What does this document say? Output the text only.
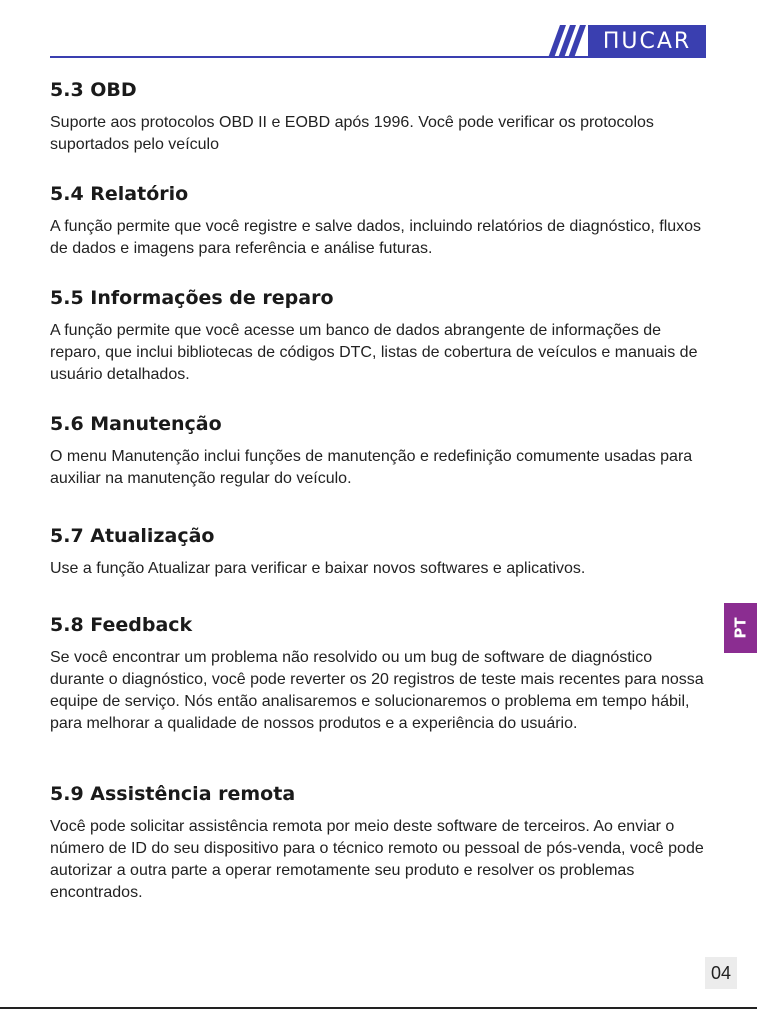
ΠUCAR
5.3 OBD

Suporte aos protocolos OBD II e EOBD após 1996. Você pode verificar os protocolos suportados pelo veículo

5.4 Relatório

A função permite que você registre e salve dados, incluindo relatórios de diagnóstico, fluxos de dados e imagens para referência e análise futuras.

5.5 Informações de reparo

A função permite que você acesse um banco de dados abrangente de informações de reparo, que inclui bibliotecas de códigos DTC, listas de cobertura de veículos e manuais de usuário detalhados.

5.6 Manutenção

O menu Manutenção inclui funções de manutenção e redefinição comumente usadas para auxiliar na manutenção regular do veículo.

5.7 Atualização

Use a função Atualizar para verificar e baixar novos softwares e aplicativos.

5.8 Feedback

Se você encontrar um problema não resolvido ou um bug de software de diagnóstico durante o diagnóstico, você pode reverter os 20 registros de teste mais recentes para nossa equipe de serviço. Nós então analisaremos e solucionaremos o problema em tempo hábil, para melhorar a qualidade de nossos produtos e a experiência do usuário.

5.9 Assistência remota

Você pode solicitar assistência remota por meio deste software de terceiros. Ao enviar o número de ID do seu dispositivo para o técnico remoto ou pessoal de pós-venda, você pode autorizar a outra parte a operar remotamente seu produto e resolver os problemas encontrados.

PT
04
